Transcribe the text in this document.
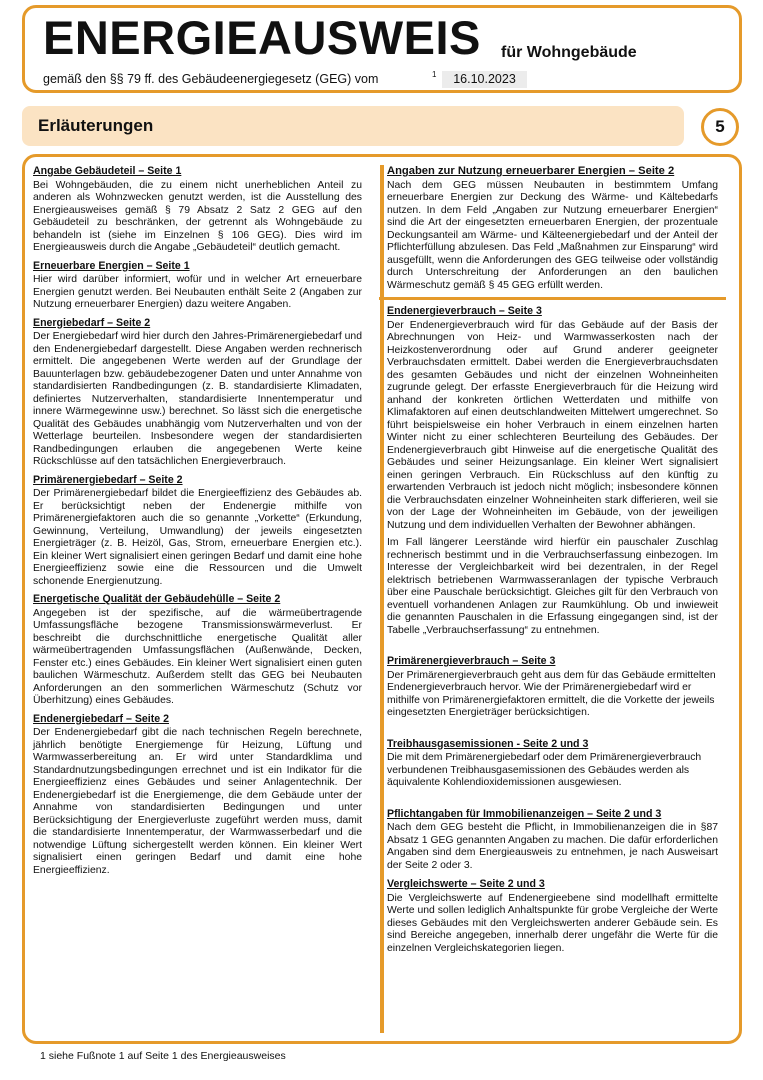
ENERGIEAUSWEIS für Wohngebäude
gemäß den §§ 79 ff. des Gebäudeenergiegesetz (GEG) vom	1	16.10.2023
Erläuterungen	5
Angabe Gebäudeteil – Seite 1
Bei Wohngebäuden, die zu einem nicht unerheblichen Anteil zu anderen als Wohnzwecken genutzt werden, ist die Ausstellung des Energieausweises gemäß § 79 Absatz 2 Satz 2 GEG auf den Gebäudeteil zu beschränken, der getrennt als Wohngebäude zu behandeln ist (siehe im Einzelnen § 106 GEG). Dies wird im Energieausweis durch die Angabe „Gebäudeteil“ deutlich gemacht.
Erneuerbare Energien – Seite 1
Hier wird darüber informiert, wofür und in welcher Art erneuerbare Energien genutzt werden. Bei Neubauten enthält Seite 2 (Angaben zur Nutzung erneuerbarer Energien) dazu weitere Angaben.
Energiebedarf – Seite 2
Der Energiebedarf wird hier durch den Jahres-Primärenergiebedarf und den Endenergiebedarf dargestellt. Diese Angaben werden rechnerisch ermittelt. Die angegebenen Werte werden auf der Grundlage der Bauunterlagen bzw. gebäudebezogener Daten und unter Annahme von standardisierten Randbedingungen (z. B. standardisierte Klimadaten, definiertes Nutzerverhalten, standardisierte Innentemperatur und innere Wärmegewinne usw.) berechnet. So lässt sich die energetische Qualität des Gebäudes unabhängig vom Nutzerverhalten und von der Wetterlage beurteilen. Insbesondere wegen der standardisierten Randbedingungen erlauben die angegebenen Werte keine Rückschlüsse auf den tatsächlichen Energieverbrauch.
Primärenergiebedarf – Seite 2
Der Primärenergiebedarf bildet die Energieeffizienz des Gebäudes ab. Er berücksichtigt neben der Endenergie mithilfe von Primärenergiefaktoren auch die so genannte „Vorkette“ (Erkundung, Gewinnung, Verteilung, Umwandlung) der jeweils eingesetzten Energieträger (z. B. Heizöl, Gas, Strom, erneuerbare Energien etc.). Ein kleiner Wert signalisiert einen geringen Bedarf und damit eine hohe Energieeffizienz sowie eine die Ressourcen und die Umwelt schonende Energienutzung.
Energetische Qualität der Gebäudehülle – Seite 2
Angegeben ist der spezifische, auf die wärmeübertragende Umfassungsfläche bezogene Transmissionswärmeverlust. Er beschreibt die durchschnittliche energetische Qualität aller wärmeübertragenden Umfassungsflächen (Außenwände, Decken, Fenster etc.) eines Gebäudes. Ein kleiner Wert signalisiert einen guten baulichen Wärmeschutz. Außerdem stellt das GEG bei Neubauten Anforderungen an den sommerlichen Wärmeschutz (Schutz vor Überhitzung) eines Gebäudes.
Endenergiebedarf – Seite 2
Der Endenergiebedarf gibt die nach technischen Regeln berechnete, jährlich benötigte Energiemenge für Heizung, Lüftung und Warmwasserbereitung an. Er wird unter Standardklima und Standardnutzungsbedingungen errechnet und ist ein Indikator für die Energieeffizienz eines Gebäudes und seiner Anlagentechnik. Der Endenergiebedarf ist die Energiemenge, die dem Gebäude unter der Annahme von standardisierten Bedingungen und unter Berücksichtigung der Energieverluste zugeführt werden muss, damit die standardisierte Innentemperatur, der Warmwasserbedarf und die notwendige Lüftung sichergestellt werden können. Ein kleiner Wert signalisiert einen geringen Bedarf und damit eine hohe Energieeffizienz.
Angaben zur Nutzung erneuerbarer Energien – Seite 2
Nach dem GEG müssen Neubauten in bestimmtem Umfang erneuerbare Energien zur Deckung des Wärme- und Kältebedarfs nutzen. In dem Feld „Angaben zur Nutzung erneuerbarer Energien“ sind die Art der eingesetzten erneuerbaren Energien, der prozentuale Deckungsanteil am Wärme- und Kälteenergiebedarf und der Anteil der Pflichterfüllung abzulesen. Das Feld „Maßnahmen zur Einsparung“ wird ausgefüllt, wenn die Anforderungen des GEG teilweise oder vollständig durch Unterschreitung der Anforderungen an den baulichen Wärmeschutz gemäß § 45 GEG erfüllt werden.
Endenergieverbrauch – Seite 3
Der Endenergieverbrauch wird für das Gebäude auf der Basis der Abrechnungen von Heiz- und Warmwasserkosten nach der Heizkostenverordnung oder auf Grund anderer geeigneter Verbrauchsdaten ermittelt. Dabei werden die Energieverbrauchsdaten des gesamten Gebäudes und nicht der einzelnen Wohneinheiten zugrunde gelegt. Der erfasste Energieverbrauch für die Heizung wird anhand der konkreten örtlichen Wetterdaten und mithilfe von Klimafaktoren auf einen deutschlandweiten Mittelwert umgerechnet. So führt beispielsweise ein hoher Verbrauch in einem einzelnen harten Winter nicht zu einer schlechteren Beurteilung des Gebäudes. Der Endenergieverbrauch gibt Hinweise auf die energetische Qualität des Gebäudes und seiner Heizungsanlage. Ein kleiner Wert signalisiert einen geringen Verbrauch. Ein Rückschluss auf den künftig zu erwartenden Verbrauch ist jedoch nicht möglich; insbesondere können die Verbrauchsdaten einzelner Wohneinheiten stark differieren, weil sie von der Lage der Wohneinheiten im Gebäude, von der jeweiligen Nutzung und dem individuellen Verhalten der Bewohner abhängen.
Im Fall längerer Leerstände wird hierfür ein pauschaler Zuschlag rechnerisch bestimmt und in die Verbrauchserfassung einbezogen. Im Interesse der Vergleichbarkeit wird bei dezentralen, in der Regel elektrisch betriebenen Warmwasseranlagen der typische Verbrauch über eine Pauschale berücksichtigt. Gleiches gilt für den Verbrauch von eventuell vorhandenen Anlagen zur Raumkühlung. Ob und inwieweit die genannten Pauschalen in die Erfassung eingegangen sind, ist der Tabelle „Verbrauchserfassung“ zu entnehmen.
Primärenergieverbrauch – Seite 3
Der Primärenergieverbrauch geht aus dem für das Gebäude ermittelten Endenergieverbrauch hervor. Wie der Primärenergiebedarf wird er mithilfe von Primärenergiefaktoren ermittelt, die die Vorkette der jeweils eingesetzten Energieträger berücksichtigen.
Treibhausgasemissionen - Seite 2 und 3
Die mit dem Primärenergiebedarf oder dem Primärenergieverbrauch verbundenen Treibhausgasemissionen des Gebäudes werden als äquivalente Kohlendioxidemissionen ausgewiesen.
Pflichtangaben für Immobilienanzeigen – Seite 2 und 3
Nach dem GEG besteht die Pflicht, in Immobilienanzeigen die in §87 Absatz 1 GEG genannten Angaben zu machen. Die dafür erforderlichen Angaben sind dem Energieausweis zu entnehmen, je nach Ausweisart der Seite 2 oder 3.
Vergleichswerte – Seite 2 und 3
Die Vergleichswerte auf Endenergieebene sind modellhaft ermittelte Werte und sollen lediglich Anhaltspunkte für grobe Vergleiche der Werte dieses Gebäudes mit den Vergleichswerten anderer Gebäude sein. Es sind Bereiche angegeben, innerhalb derer ungefähr die Werte für die einzelnen Vergleichskategorien liegen.
1 siehe Fußnote 1 auf Seite 1 des Energieausweises
